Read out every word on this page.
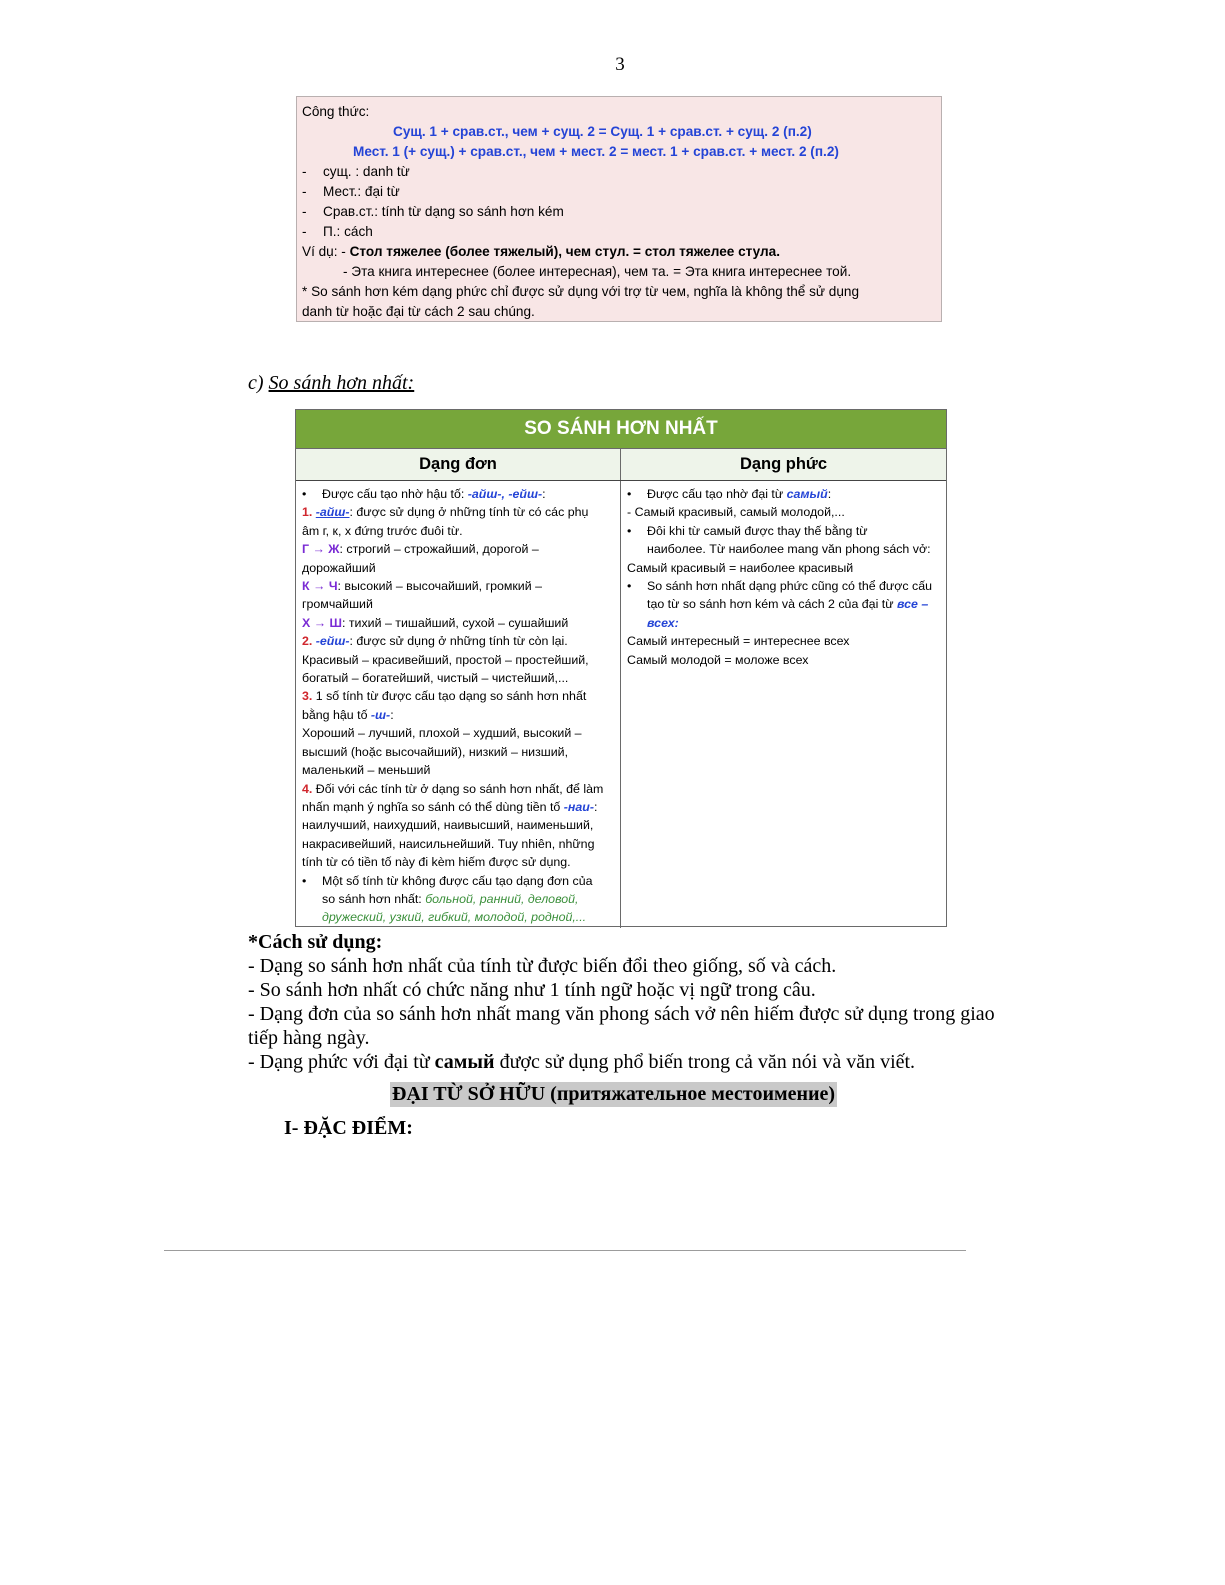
3
Công thức:
Сущ. 1 + срав.ст., чем + сущ. 2 = Сущ. 1 + срав.ст. + сущ. 2 (п.2)
Мест. 1 (+ сущ.) + срав.ст., чем + мест. 2 = мест. 1 + срав.ст. + мест. 2 (п.2)
-	сущ. : danh từ
-	Мест.: đại từ
-	Срав.ст.: tính từ dạng so sánh hơn kém
-	П.: cách
Ví dụ: - Стол тяжелее (более тяжелый), чем стул. = стол тяжелее стула.
- Эта книга интереснее (более интересная), чем та. = Эта книга интереснее той.
* So sánh hơn kém dạng phức chỉ được sử dụng với trợ từ чем, nghĩa là không thể sử dụng
danh từ hoặc đại từ cách 2 sau chúng.
c) So sánh hơn nhất:
SO SÁNH HƠN NHẤT
Dạng đơn	Dạng phức
• Được cấu tạo nhờ hậu tố: -айш-, -ейш-:
1. -айш-: được sử dụng ở những tính từ có các phụ
âm г, к, х đứng trước đuôi từ.
Г → Ж: строгий – строжайший, дорогой –
дорожайший
К → Ч: высокий – высочайший, громкий –
громчайший
Х → Ш: тихий – тишайший, сухой – сушайший
2. -ейш-: được sử dụng ở những tính từ còn lại.
Красивый – красивейший, простой – простейший,
богатый – богатейший, чистый – чистейший,...
3. 1 số tính từ được cấu tạo dạng so sánh hơn nhất
bằng hậu tố -ш-:
Хороший – лучший, плохой – худший, высокий –
высший (hoặc высочайший), низкий – низший,
маленький – меньший
4. Đối với các tính từ ở dạng so sánh hơn nhất, để làm
nhấn mạnh ý nghĩa so sánh có thể dùng tiền tố -наи-:
наилучший, наихудший, наивысший, наименьший,
накрасивейший, наисильнейший. Tuy nhiên, những
tính từ có tiền tố này đi kèm hiếm được sử dụng.
• Một số tính từ không được cấu tạo dạng đơn của
so sánh hơn nhất: больной, ранний, деловой,
дружеский, узкий, гибкий, молодой, родной,...
• Được cấu tạo nhờ đại từ самый:
- Самый красивый, самый молодой,...
• Đôi khi từ самый được thay thế bằng từ
наиболее. Từ наиболее mang văn phong sách vở:
Самый красивый = наиболее красивый
• So sánh hơn nhất dạng phức cũng có thể được cấu
tạo từ so sánh hơn kém và cách 2 của đại từ все –
всех:
Самый интересный = интереснее всех
Самый молодой = моложе всех

*Cách sử dụng:

- Dạng so sánh hơn nhất của tính từ được biến đổi theo giống, số và cách.

- So sánh hơn nhất có chức năng như 1 tính ngữ hoặc vị ngữ trong câu.

- Dạng đơn của so sánh hơn nhất mang văn phong sách vở nên hiếm được sử dụng trong giao tiếp hàng ngày.

- Dạng phức với đại từ самый được sử dụng phổ biến trong cả văn nói và văn viết.

ĐẠI TỪ SỞ HỮU (притяжательное местоимение)
I- ĐẶC ĐIỂM:
